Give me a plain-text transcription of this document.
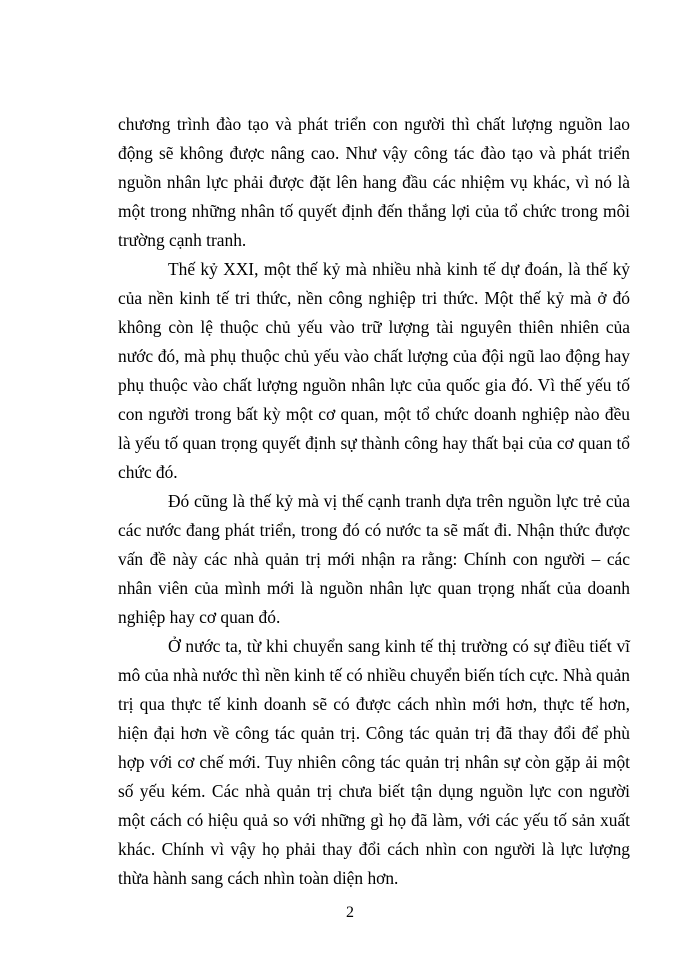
chương trình đào tạo và phát triển con người thì chất lượng nguồn lao động sẽ không được nâng cao. Như vậy công tác đào tạo và phát triển nguồn nhân lực phải được đặt lên hang đầu các nhiệm vụ khác, vì nó là một trong những nhân tố quyết định đến thắng lợi của tổ chức trong môi trường cạnh tranh.

Thế kỷ XXI, một thế kỷ mà nhiều nhà kinh tế dự đoán, là thế kỷ của nền kinh tế tri thức, nền công nghiệp tri thức. Một thế kỷ mà ở đó không còn lệ thuộc chủ yếu vào trữ lượng tài nguyên thiên nhiên của nước đó, mà phụ thuộc chủ yếu vào chất lượng của đội ngũ lao động hay phụ thuộc vào chất lượng nguồn nhân lực của quốc gia đó. Vì thế yếu tố con người trong bất kỳ một cơ quan, một tổ chức doanh nghiệp nào đều là yếu tố quan trọng quyết định sự thành công hay thất bại của cơ quan tổ chức đó.

Đó cũng là thế kỷ mà vị thế cạnh tranh dựa trên nguồn lực trẻ của các nước đang phát triển, trong đó có nước ta sẽ mất đi. Nhận thức được vấn đề này các nhà quản trị mới nhận ra rằng: Chính con người – các nhân viên của mình mới là nguồn nhân lực quan trọng nhất của doanh nghiệp hay cơ quan đó.

Ở nước ta, từ khi chuyển sang kinh tế thị trường có sự điều tiết vĩ mô của nhà nước thì nền kinh tế có nhiều chuyển biến tích cực. Nhà quản trị qua thực tế kinh doanh sẽ có được cách nhìn mới hơn, thực tế hơn, hiện đại hơn về công tác quản trị. Công tác quản trị đã thay đổi để phù hợp với cơ chế mới. Tuy nhiên công tác quản trị nhân sự còn gặp ải một số yếu kém. Các nhà quản trị chưa biết tận dụng nguồn lực con người một cách có hiệu quả so với những gì họ đã làm, với các yếu tố sản xuất khác. Chính vì vậy họ phải thay đổi cách nhìn con người là lực lượng thừa hành sang cách nhìn toàn diện hơn.

2
